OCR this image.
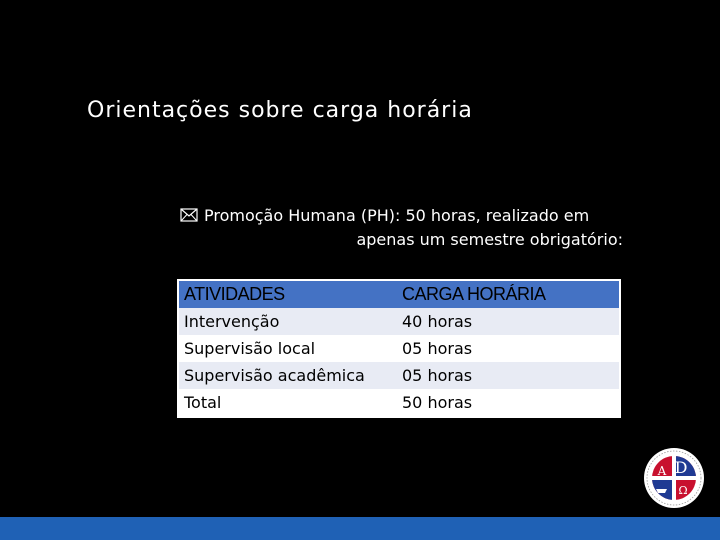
Orientações sobre carga horária
Promoção Humana (PH): 50 horas, realizado em
apenas um semestre obrigatório:
ATIVIDADES	CARGA HORÁRIA
Intervenção	40 horas
Supervisão local	05 horas
Supervisão acadêmica	05 horas
Total	50 horas
A D
Ω
